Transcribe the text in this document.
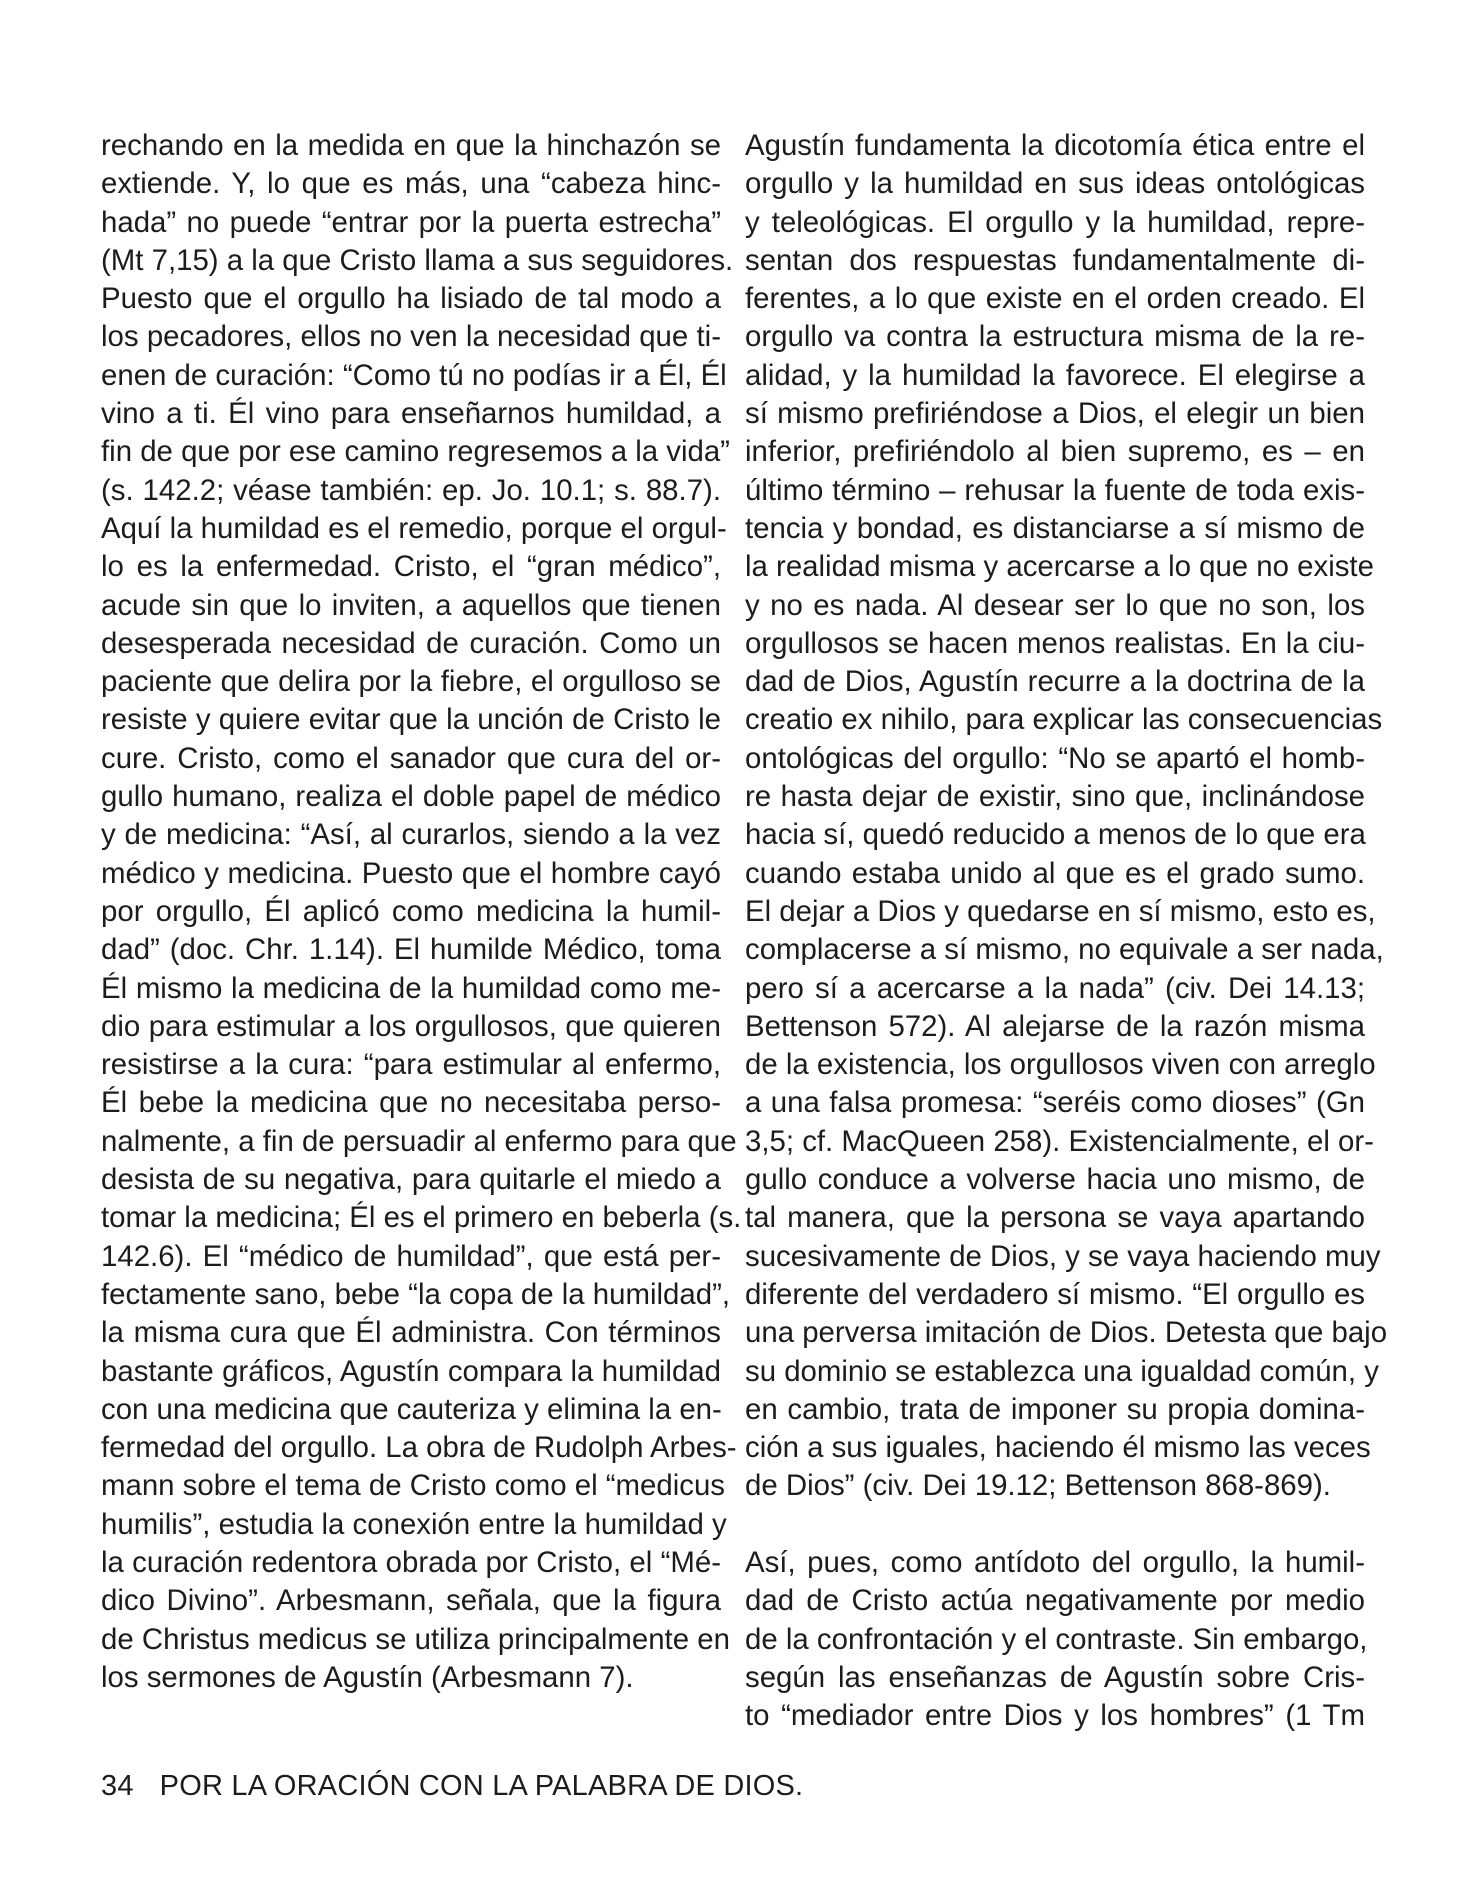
rechando en la medida en que la hinchazón se
extiende. Y, lo que es más, una “cabeza hinc-
hada” no puede “entrar por la puerta estrecha”
(Mt 7,15) a la que Cristo llama a sus seguidores.
Puesto que el orgullo ha lisiado de tal modo a
los pecadores, ellos no ven la necesidad que ti-
enen de curación: “Como tú no podías ir a Él, Él
vino a ti. Él vino para enseñarnos humildad, a
fin de que por ese camino regresemos a la vida”
(s. 142.2; véase también: ep. Jo. 10.1; s. 88.7).
Aquí la humildad es el remedio, porque el orgul-
lo es la enfermedad. Cristo, el “gran médico”,
acude sin que lo inviten, a aquellos que tienen
desesperada necesidad de curación. Como un
paciente que delira por la fiebre, el orgulloso se
resiste y quiere evitar que la unción de Cristo le
cure. Cristo, como el sanador que cura del or-
gullo humano, realiza el doble papel de médico
y de medicina: “Así, al curarlos, siendo a la vez
médico y medicina. Puesto que el hombre cayó
por orgullo, Él aplicó como medicina la humil-
dad” (doc. Chr. 1.14). El humilde Médico, toma
Él mismo la medicina de la humildad como me-
dio para estimular a los orgullosos, que quieren
resistirse a la cura: “para estimular al enfermo,
Él bebe la medicina que no necesitaba perso-
nalmente, a fin de persuadir al enfermo para que
desista de su negativa, para quitarle el miedo a
tomar la medicina; Él es el primero en beberla (s.
142.6). El “médico de humildad”, que está per-
fectamente sano, bebe “la copa de la humildad”,
la misma cura que Él administra. Con términos
bastante gráficos, Agustín compara la humildad
con una medicina que cauteriza y elimina la en-
fermedad del orgullo. La obra de Rudolph Arbes-
mann sobre el tema de Cristo como el “medicus
humilis”, estudia la conexión entre la humildad y
la curación redentora obrada por Cristo, el “Mé-
dico Divino”. Arbesmann, señala, que la figura
de Christus medicus se utiliza principalmente en
los sermones de Agustín (Arbesmann 7).
Agustín fundamenta la dicotomía ética entre el
orgullo y la humildad en sus ideas ontológicas
y teleológicas. El orgullo y la humildad, repre-
sentan dos respuestas fundamentalmente di-
ferentes, a lo que existe en el orden creado. El
orgullo va contra la estructura misma de la re-
alidad, y la humildad la favorece. El elegirse a
sí mismo prefiriéndose a Dios, el elegir un bien
inferior, prefiriéndolo al bien supremo, es – en
último término – rehusar la fuente de toda exis-
tencia y bondad, es distanciarse a sí mismo de
la realidad misma y acercarse a lo que no existe
y no es nada. Al desear ser lo que no son, los
orgullosos se hacen menos realistas. En la ciu-
dad de Dios, Agustín recurre a la doctrina de la
creatio ex nihilo, para explicar las consecuencias
ontológicas del orgullo: “No se apartó el homb-
re hasta dejar de existir, sino que, inclinándose
hacia sí, quedó reducido a menos de lo que era
cuando estaba unido al que es el grado sumo.
El dejar a Dios y quedarse en sí mismo, esto es,
complacerse a sí mismo, no equivale a ser nada,
pero sí a acercarse a la nada” (civ. Dei 14.13;
Bettenson 572). Al alejarse de la razón misma
de la existencia, los orgullosos viven con arreglo
a una falsa promesa: “seréis como dioses” (Gn
3,5; cf. MacQueen 258). Existencialmente, el or-
gullo conduce a volverse hacia uno mismo, de
tal manera, que la persona se vaya apartando
sucesivamente de Dios, y se vaya haciendo muy
diferente del verdadero sí mismo. “El orgullo es
una perversa imitación de Dios. Detesta que bajo
su dominio se establezca una igualdad común, y
en cambio, trata de imponer su propia domina-
ción a sus iguales, haciendo él mismo las veces
de Dios” (civ. Dei 19.12; Bettenson 868-869).
Así, pues, como antídoto del orgullo, la humil-
dad de Cristo actúa negativamente por medio
de la confrontación y el contraste. Sin embargo,
según las enseñanzas de Agustín sobre Cris-
to “mediador entre Dios y los hombres” (1 Tm
34 POR LA ORACIÓN CON LA PALABRA DE DIOS.
